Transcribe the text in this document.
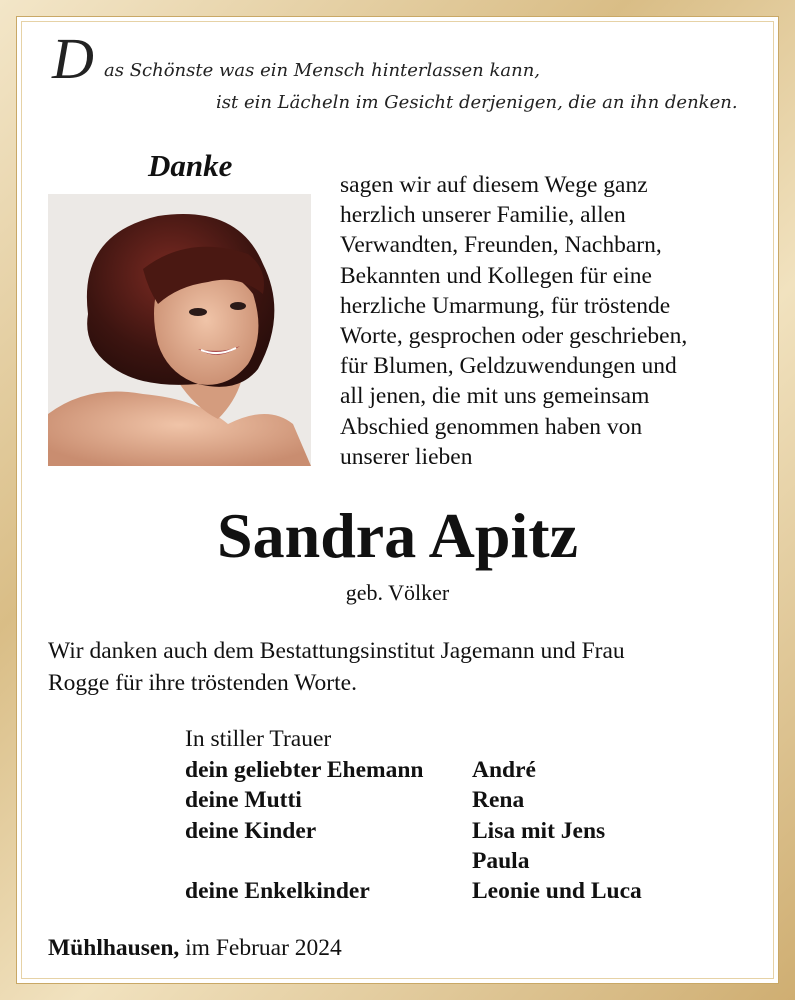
D as Schönste was ein Mensch hinterlassen kann,
ist ein Lächeln im Gesicht derjenigen, die an ihn denken.
Danke
sagen wir auf diesem Wege ganz
herzlich unserer Familie, allen
Verwandten, Freunden, Nachbarn,
Bekannten und Kollegen für eine
herzliche Umarmung, für tröstende
Worte, gesprochen oder geschrieben,
für Blumen, Geldzuwendungen und
all jenen, die mit uns gemeinsam
Abschied genommen haben von
unserer lieben
Sandra Apitz
geb. Völker
Wir danken auch dem Bestattungsinstitut Jagemann und Frau
Rogge für ihre tröstenden Worte.
In stiller Trauer
dein geliebter Ehemann André
deine Mutti	Rena
deine Kinder	Lisa mit Jens
Paula
deine Enkelkinder	Leonie und Luca
Mühlhausen, im Februar 2024
